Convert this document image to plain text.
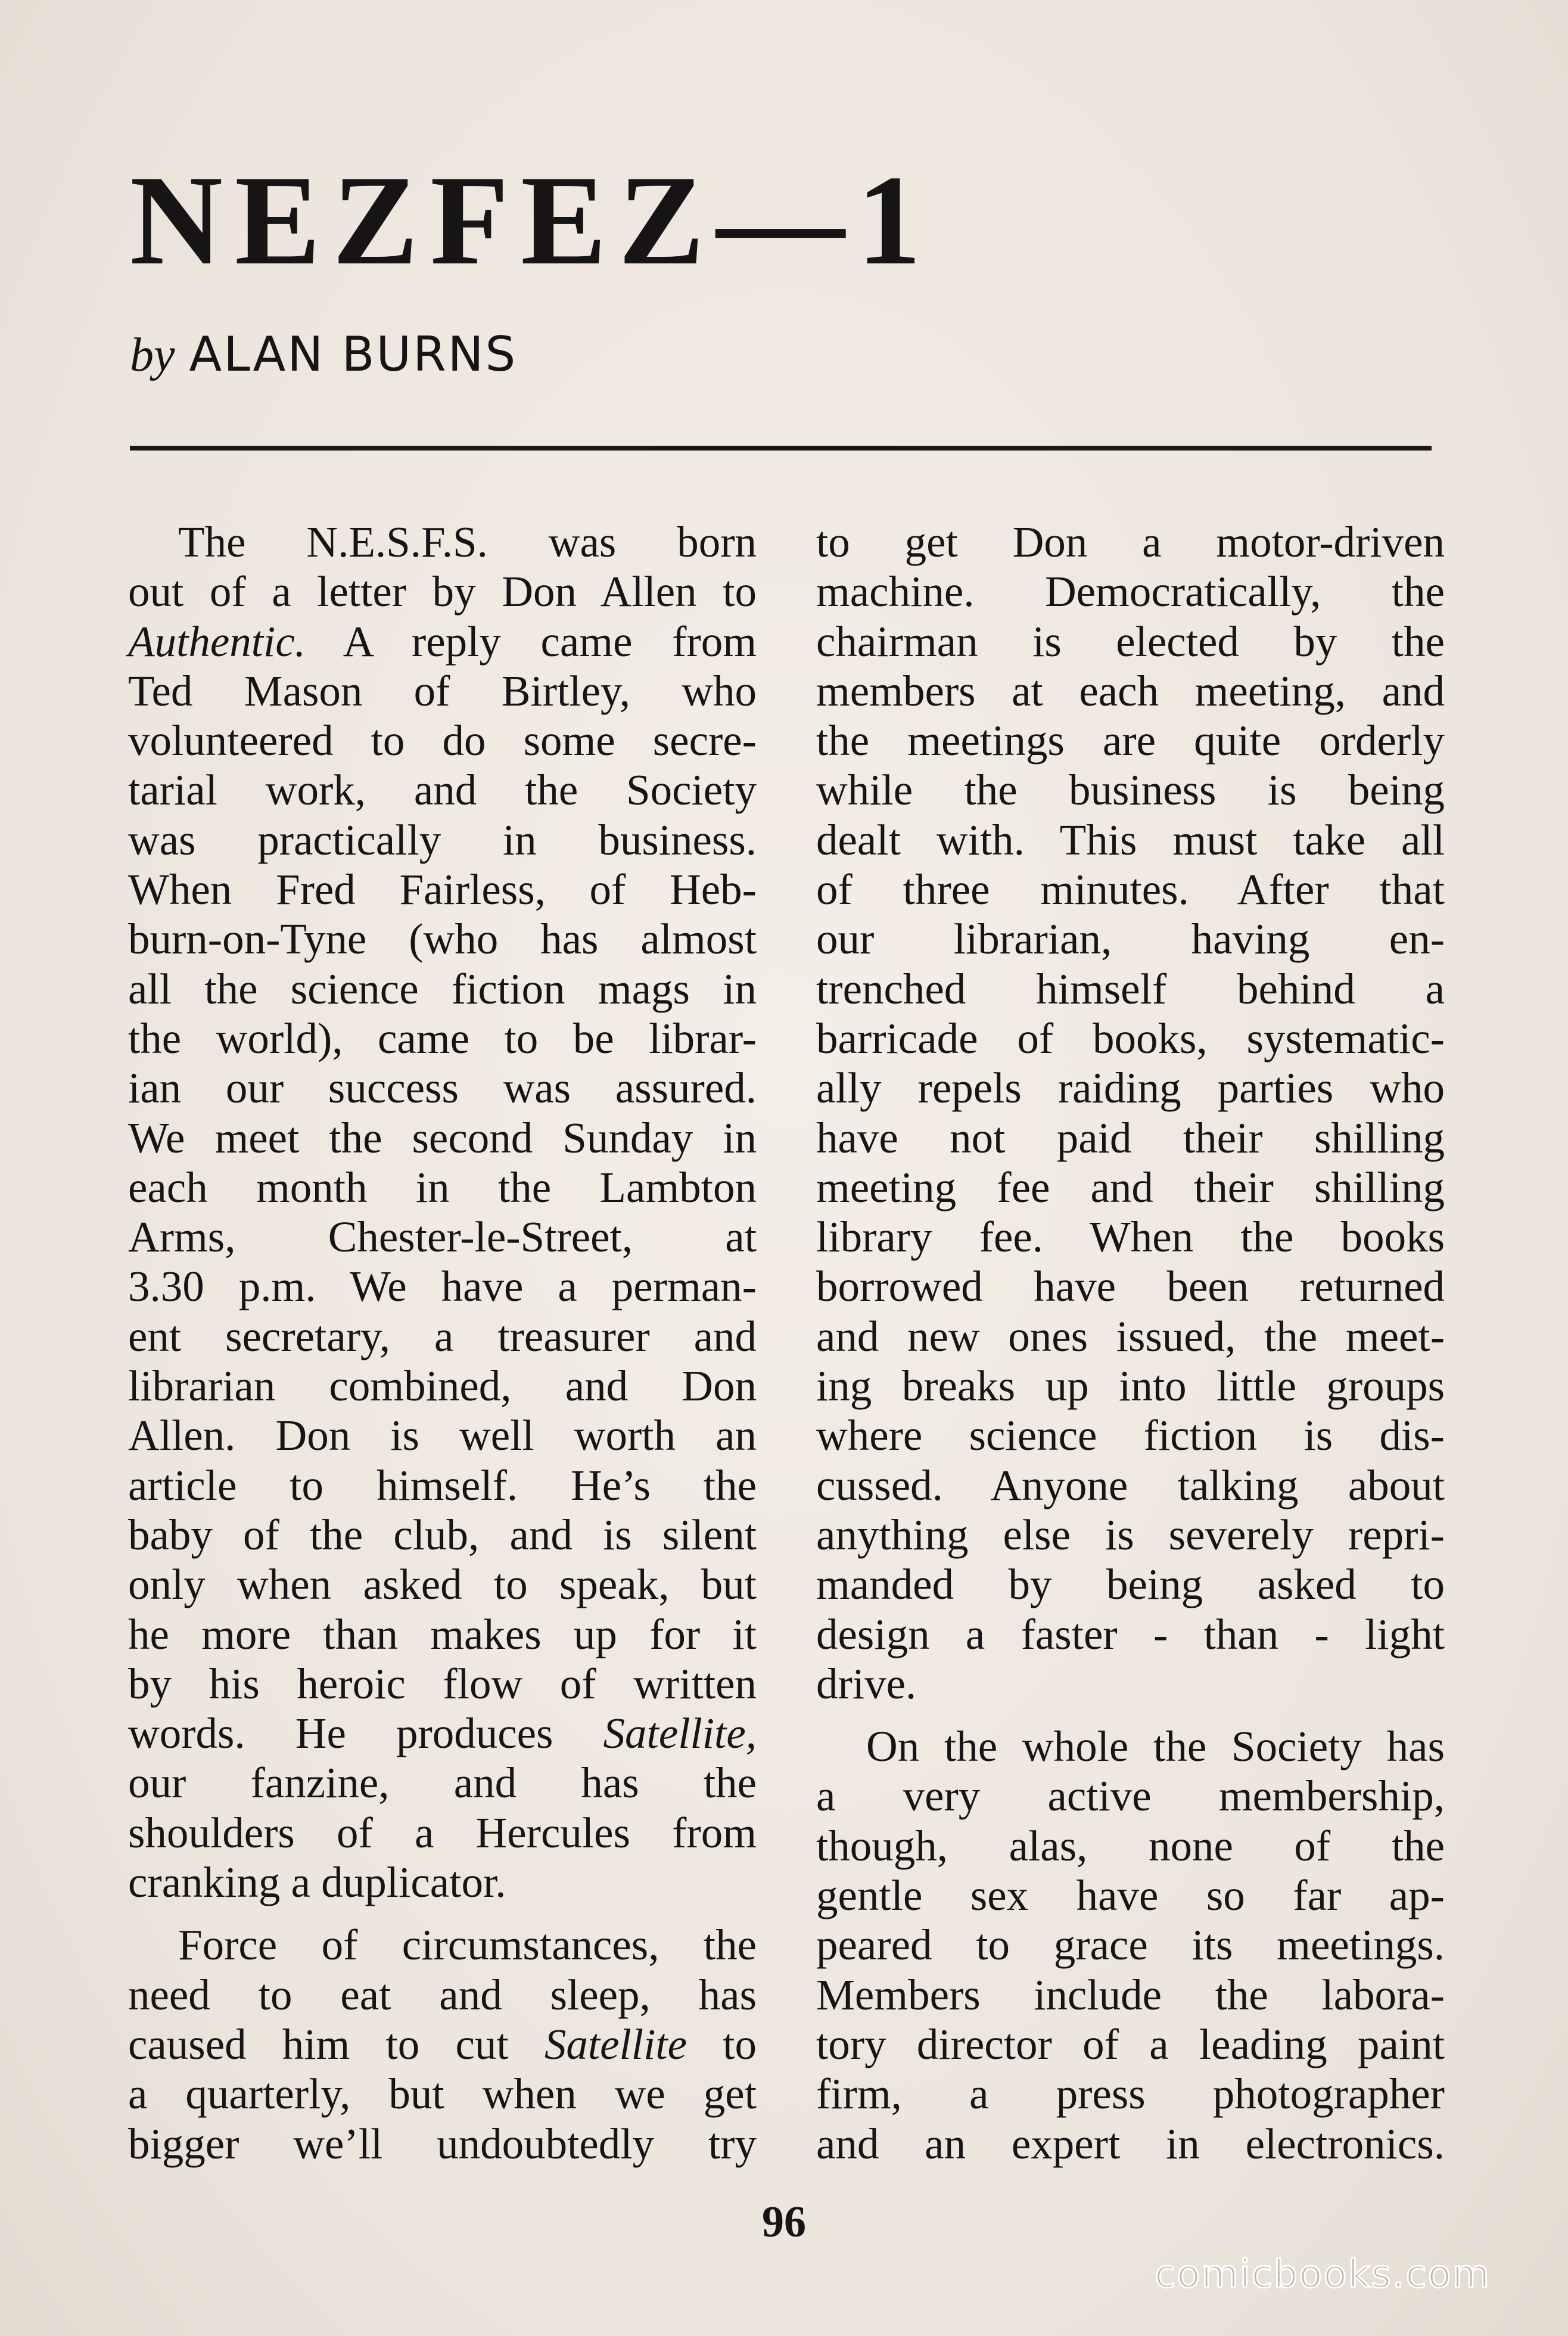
NEZFEZ—1
by ALAN BURNS
The N.E.S.F.S. was born
out of a letter by Don Allen to
Authentic. A reply came from
Ted Mason of Birtley, who
volunteered to do some secre-
tarial work, and the Society
was practically in business.
When Fred Fairless, of Heb-
burn-on-Tyne (who has almost
all the science fiction mags in
the world), came to be librar-
ian our success was assured.
We meet the second Sunday in
each month in the Lambton
Arms, Chester-le-Street, at
3.30 p.m. We have a perman-
ent secretary, a treasurer and
librarian combined, and Don
Allen. Don is well worth an
article to himself. He’s the
baby of the club, and is silent
only when asked to speak, but
he more than makes up for it
by his heroic flow of written
words. He produces Satellite,
our fanzine, and has the
shoulders of a Hercules from
cranking a duplicator.
Force of circumstances, the
need to eat and sleep, has
caused him to cut Satellite to
a quarterly, but when we get
bigger we’ll undoubtedly try
to get Don a motor-driven
machine. Democratically, the
chairman is elected by the
members at each meeting, and
the meetings are quite orderly
while the business is being
dealt with. This must take all
of three minutes. After that
our librarian, having en-
trenched himself behind a
barricade of books, systematic-
ally repels raiding parties who
have not paid their shilling
meeting fee and their shilling
library fee. When the books
borrowed have been returned
and new ones issued, the meet-
ing breaks up into little groups
where science fiction is dis-
cussed. Anyone talking about
anything else is severely repri-
manded by being asked to
design a faster - than - light
drive.
On the whole the Society has
a very active membership,
though, alas, none of the
gentle sex have so far ap-
peared to grace its meetings.
Members include the labora-
tory director of a leading paint
firm, a press photographer
and an expert in electronics.
96
comicbooks.com
